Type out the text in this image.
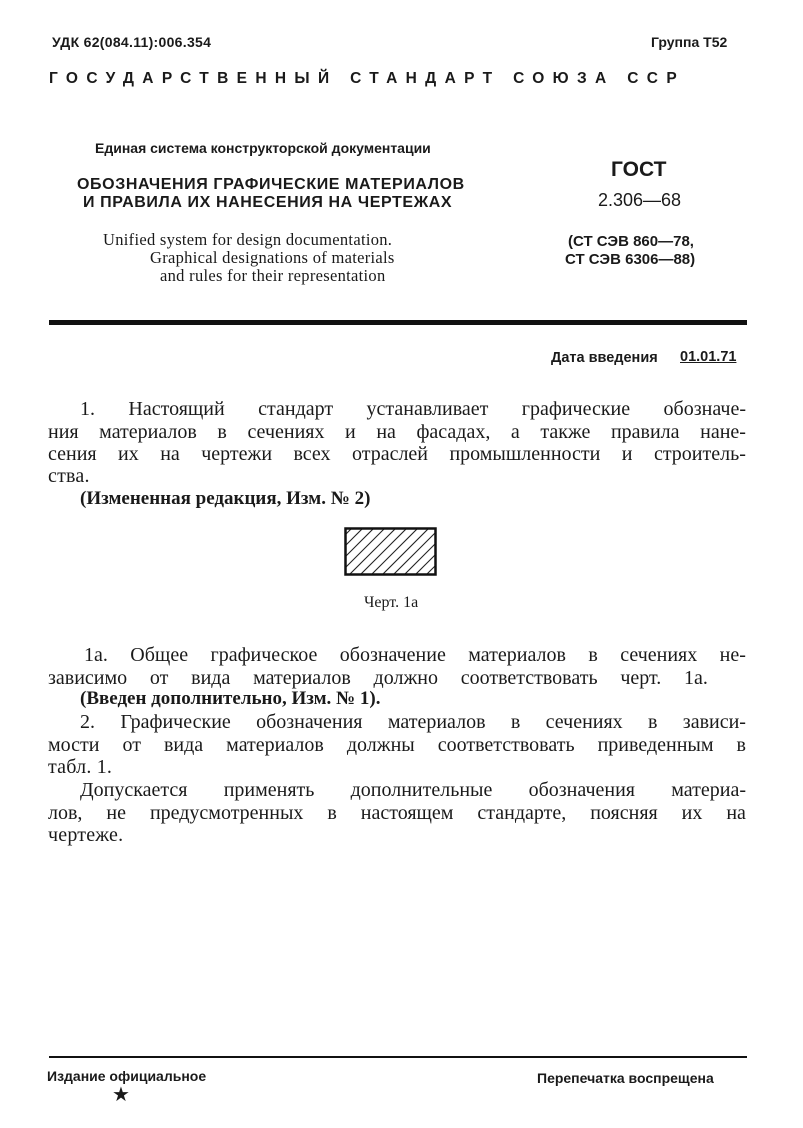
УДК 62(084.11):006.354	Группа Т52
ГОСУДАРСТВЕННЫЙ СТАНДАРТ СОЮЗА ССР
Единая система конструкторской документации
ОБОЗНАЧЕНИЯ ГРАФИЧЕСКИЕ МАТЕРИАЛОВ
И ПРАВИЛА ИХ НАНЕСЕНИЯ НА ЧЕРТЕЖАХ
Unified system for design documentation.
Graphical designations of materials
and rules for their representation
ГОСТ
2.306—68
(СТ СЭВ 860—78,
СТ СЭВ 6306—88)
Дата введения 01.01.71
1. Настоящий стандарт устанавливает графические обозначе-
ния материалов в сечениях и на фасадах, а также правила нане-
сения их на чертежи всех отраслей промышленности и строитель-
ства.
(Измененная редакция, Изм. № 2)
Черт. 1а
1а. Общее графическое обозначение материалов в сечениях не-
зависимо от вида материалов должно соответствовать черт. 1а.
(Введен дополнительно, Изм. № 1).
2. Графические обозначения материалов в сечениях в зависи-
мости от вида материалов должны соответствовать приведенным в
табл. 1.
Допускается применять дополнительные обозначения материа-
лов, не предусмотренных в настоящем стандарте, поясняя их на
чертеже.
Издание официальное	Перепечатка воспрещена
★
